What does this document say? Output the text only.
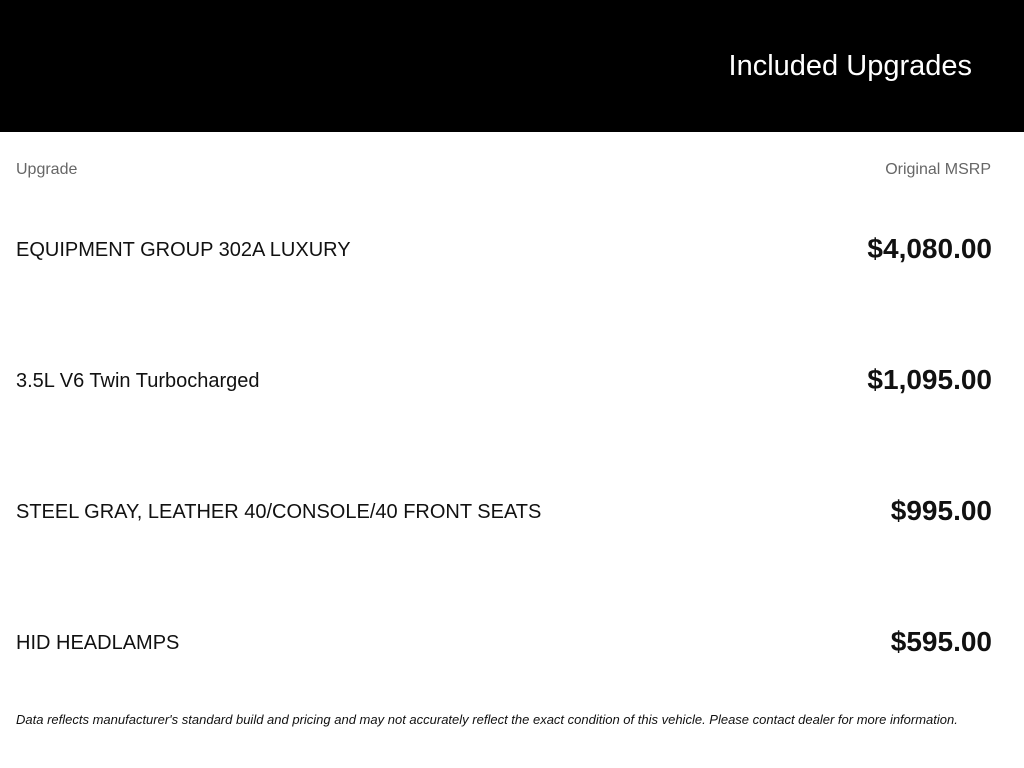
Included Upgrades
Upgrade	Original MSRP
EQUIPMENT GROUP 302A LUXURY	$4,080.00
3.5L V6 Twin Turbocharged	$1,095.00
STEEL GRAY, LEATHER 40/CONSOLE/40 FRONT SEATS	$995.00
HID HEADLAMPS	$595.00
Data reflects manufacturer's standard build and pricing and may not accurately reflect the exact condition of this vehicle. Please contact dealer for more information.
